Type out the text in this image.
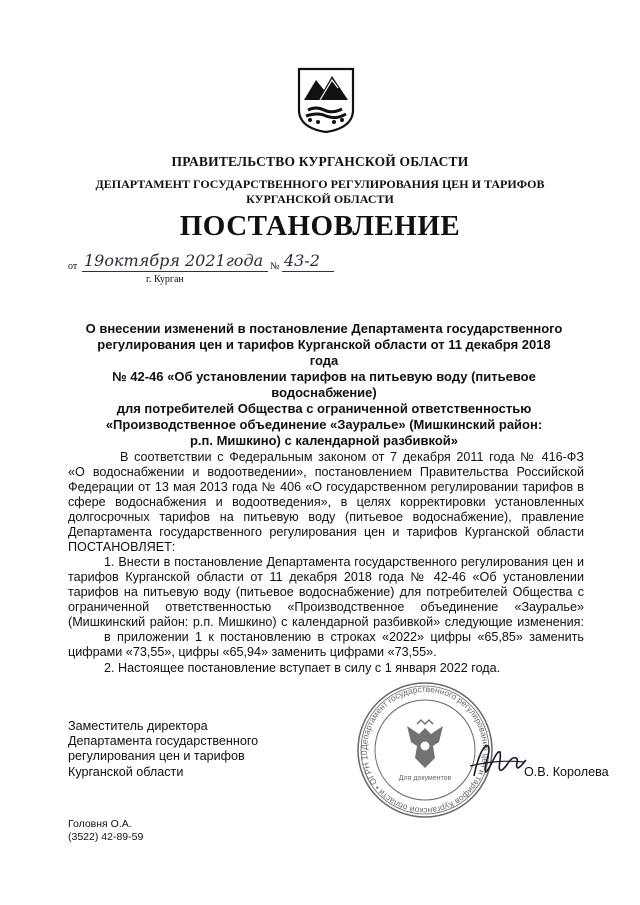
ПРАВИТЕЛЬСТВО КУРГАНСКОЙ ОБЛАСТИ
ДЕПАРТАМЕНТ ГОСУДАРСТВЕННОГО РЕГУЛИРОВАНИЯ ЦЕН И ТАРИФОВ
КУРГАНСКОЙ ОБЛАСТИ
ПОСТАНОВЛЕНИЕ
от 19октября 2021года № 43-2
г. Курган
О внесении изменений в постановление Департамента государственного
регулирования цен и тарифов Курганской области от 11 декабря 2018 года
№ 42-46 «Об установлении тарифов на питьевую воду (питьевое водоснабжение)
для потребителей Общества с ограниченной ответственностью
«Производственное объединение «Зауралье» (Мишкинский район:
р.п. Мишкино) с календарной разбивкой»
В соответствии с Федеральным законом от 7 декабря 2011 года № 416-ФЗ
«О водоснабжении и водоотведении», постановлением Правительства Российской
Федерации от 13 мая 2013 года № 406 «О государственном регулировании тарифов в
сфере водоснабжения и водоотведения», в целях корректировки установленных
долгосрочных тарифов на питьевую воду (питьевое водоснабжение), правление
Департамента государственного регулирования цен и тарифов Курганской области
ПОСТАНОВЛЯЕТ:
1. Внести в постановление Департамента государственного регулирования цен и
тарифов Курганской области от 11 декабря 2018 года № 42-46 «Об установлении
тарифов на питьевую воду (питьевое водоснабжение) для потребителей Общества с
ограниченной ответственностью «Производственное объединение «Зауралье»
(Мишкинский район: р.п. Мишкино) с календарной разбивкой» следующие изменения:
в приложении 1 к постановлению в строках «2022» цифры «65,85» заменить
цифрами «73,55», цифры «65,94» заменить цифрами «73,55».
2. Настоящее постановление вступает в силу с 1 января 2022 года.
Департамент государственного регулирования цен и тарифов Курганской области • ОГРН 10
Для документов
Заместитель директора
Департамента государственного
регулирования цен и тарифов
Курганской области	О.В. Королева
Головня О.А.
(3522) 42-89-59
